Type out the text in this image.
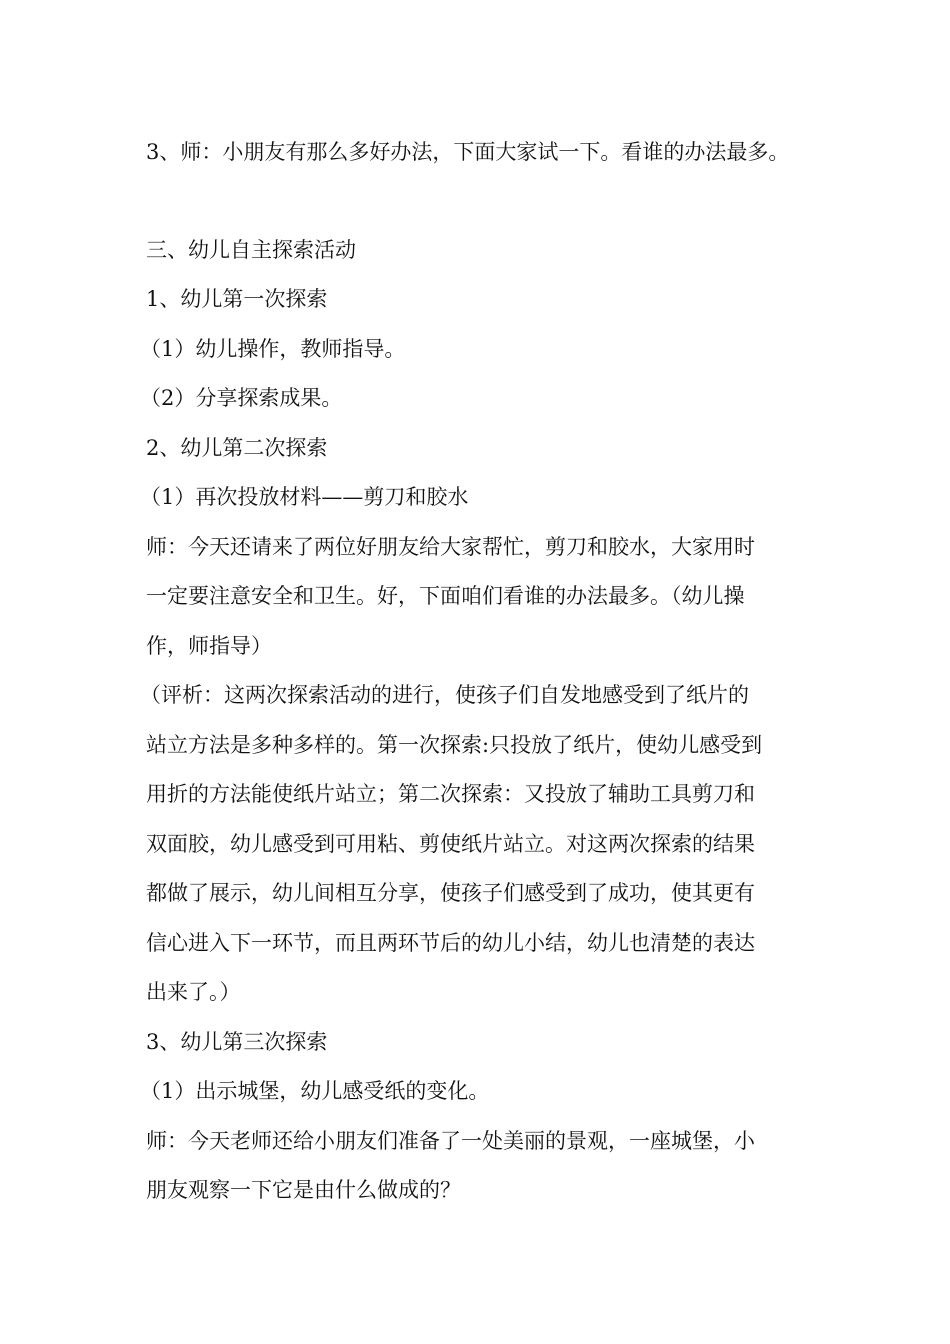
3、师：小朋友有那么多好办法，下面大家试一下。看谁的办法最多。
三、幼儿自主探索活动
1、幼儿第一次探索
（1）幼儿操作，教师指导。
（2）分享探索成果。
2、幼儿第二次探索
（1）再次投放材料——剪刀和胶水
师：今天还请来了两位好朋友给大家帮忙，剪刀和胶水，大家用时
一定要注意安全和卫生。好，下面咱们看谁的办法最多。（幼儿操
作，师指导）
（评析：这两次探索活动的进行，使孩子们自发地感受到了纸片的
站立方法是多种多样的。第一次探索:只投放了纸片，使幼儿感受到
用折的方法能使纸片站立；第二次探索：又投放了辅助工具剪刀和
双面胶，幼儿感受到可用粘、剪使纸片站立。对这两次探索的结果
都做了展示，幼儿间相互分享，使孩子们感受到了成功，使其更有
信心进入下一环节，而且两环节后的幼儿小结，幼儿也清楚的表达
出来了。）
3、幼儿第三次探索
（1）出示城堡，幼儿感受纸的变化。
师：今天老师还给小朋友们准备了一处美丽的景观，一座城堡，小
朋友观察一下它是由什么做成的？
